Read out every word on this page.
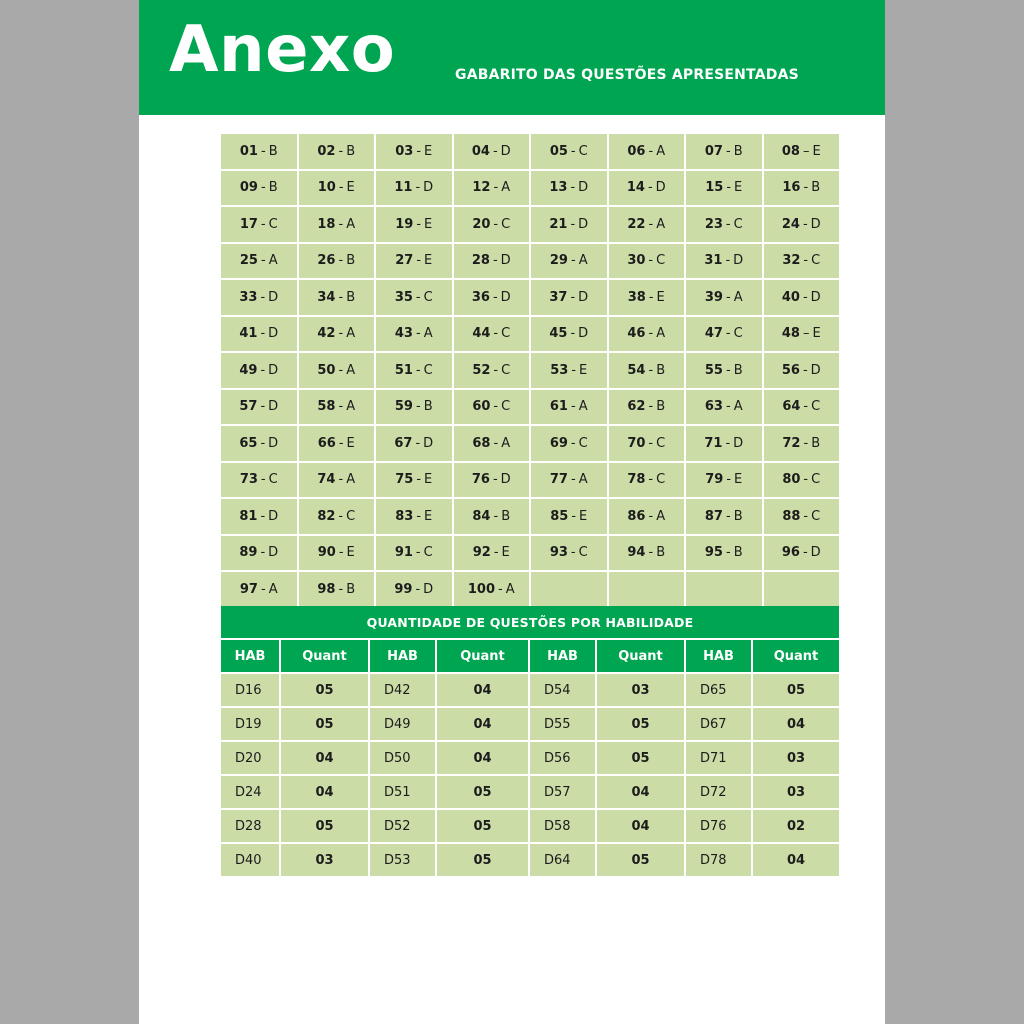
Anexo	GABARITO DAS QUESTÕES APRESENTADAS
01 - B	02 - B	03 - E	04 - D	05 - C	06 - A	07 - B	08 – E
09 - B	10 - E	11 - D	12 - A	13 - D	14 - D	15 - E	16 - B
17 - C	18 - A	19 - E	20 - C	21 - D	22 - A	23 - C	24 - D
25 - A	26 - B	27 - E	28 - D	29 - A	30 - C	31 - D	32 - C
33 - D	34 - B	35 - C	36 - D	37 - D	38 - E	39 - A	40 - D
41 - D	42 - A	43 - A	44 - C	45 - D	46 - A	47 - C	48 – E
49 - D	50 - A	51 - C	52 - C	53 - E	54 - B	55 - B	56 - D
57 - D	58 - A	59 - B	60 - C	61 - A	62 - B	63 - A	64 - C
65 - D	66 - E	67 - D	68 - A	69 - C	70 - C	71 - D	72 - B
73 - C	74 - A	75 - E	76 - D	77 - A	78 - C	79 - E	80 - C
81 - D	82 - C	83 - E	84 - B	85 - E	86 - A	87 - B	88 - C
89 - D	90 - E	91 - C	92 - E	93 - C	94 - B	95 - B	96 - D
97 - A	98 - B	99 - D	100 - A
QUANTIDADE DE QUESTÕES POR HABILIDADE
HAB	Quant	HAB	Quant	HAB	Quant	HAB	Quant
D16	05	D42	04	D54	03	D65	05
D19	05	D49	04	D55	05	D67	04
D20	04	D50	04	D56	05	D71	03
D24	04	D51	05	D57	04	D72	03
D28	05	D52	05	D58	04	D76	02
D40	03	D53	05	D64	05	D78	04
